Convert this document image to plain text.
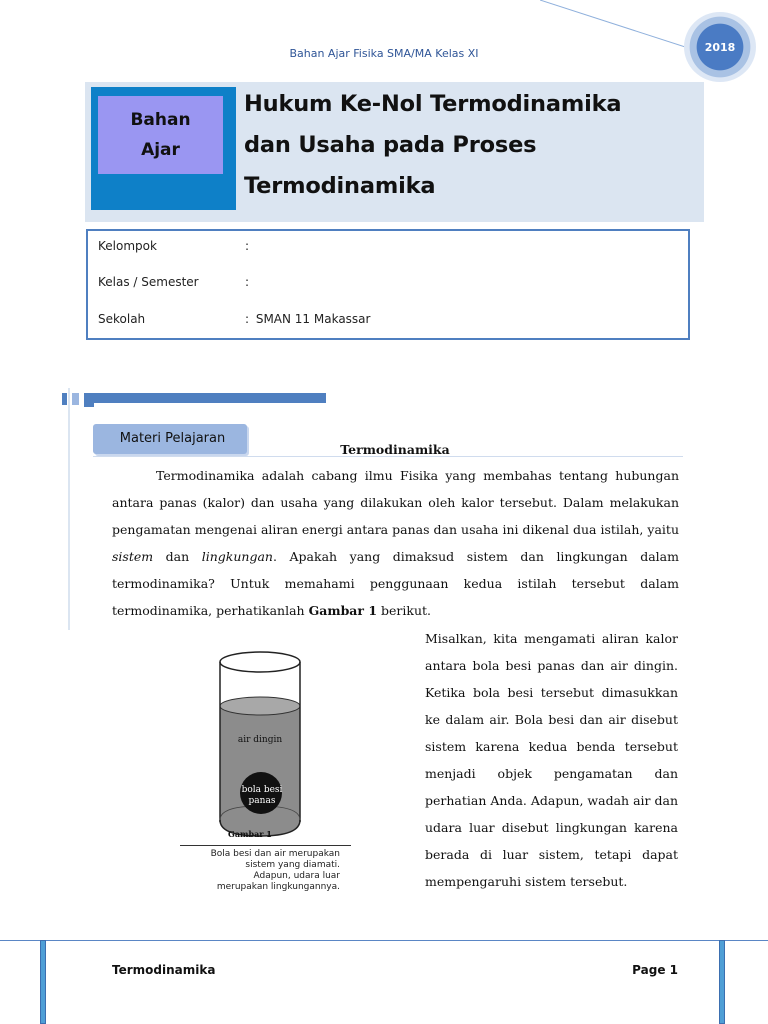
2018
Bahan Ajar Fisika SMA/MA Kelas XI
Bahan
Ajar
Hukum Ke-Nol Termodinamika
dan Usaha pada Proses
Termodinamika
Kelompok	:
Kelas / Semester	:
Sekolah	: SMAN 11 Makassar
Materi Pelajaran
Termodinamika

Termodinamika adalah cabang ilmu Fisika yang membahas tentang hubungan antara panas (kalor) dan usaha yang dilakukan oleh kalor tersebut. Dalam melakukan pengamatan mengenai aliran energi antara panas dan usaha ini dikenal dua istilah, yaitu sistem dan lingkungan. Apakah yang dimaksud sistem dan lingkungan dalam termodinamika? Untuk memahami penggunaan kedua istilah tersebut dalam termodinamika, perhatikanlah Gambar 1 berikut.

Misalkan, kita mengamati aliran kalor antara bola besi panas dan air dingin. Ketika bola besi tersebut dimasukkan ke dalam air. Bola besi dan air disebut sistem karena kedua benda tersebut menjadi objek pengamatan dan perhatian Anda. Adapun, wadah air dan udara luar disebut lingkungan karena berada di luar sistem, tetapi dapat mempengaruhi sistem tersebut.

air dingin
bola besi
panas
Gambar 1
Bola besi dan air merupakan
sistem yang diamati.
Adapun, udara luar
merupakan lingkungannya.
Termodinamika	Page 1
